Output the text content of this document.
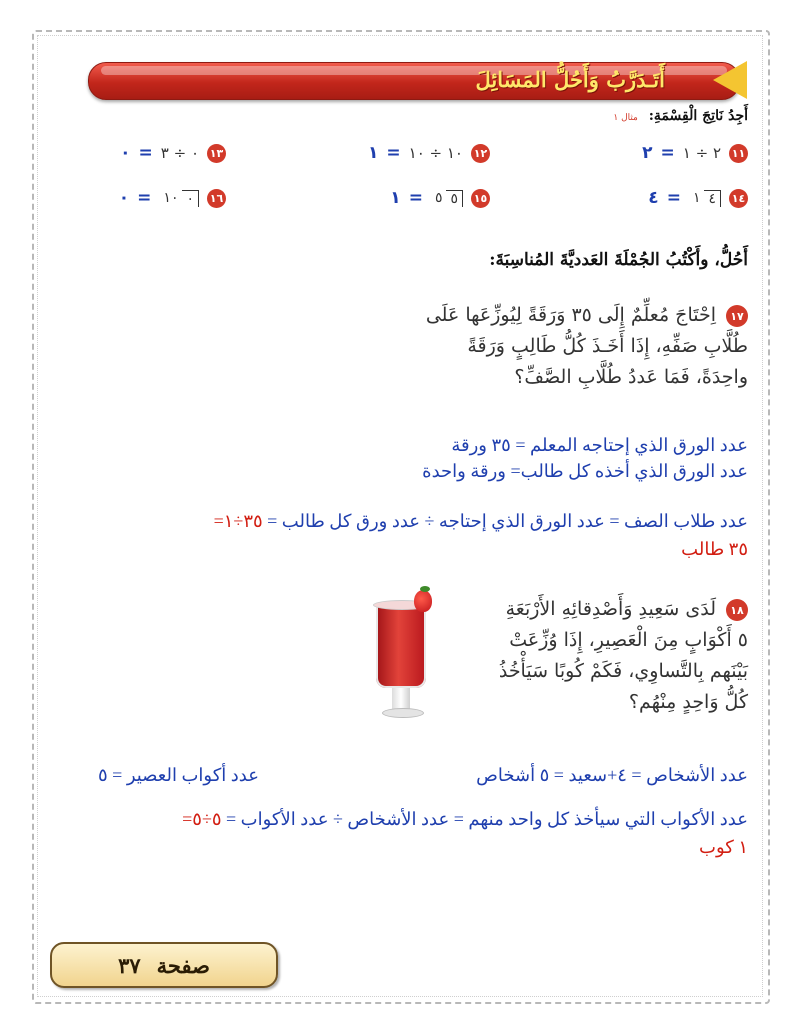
أَتَـدَرَّبُ وَأَحُلُّ المَسَائِلَ
أَجِدُ نَاتِجَ الْقِسْمَةِ: مثال ١
١١
٢ ÷ ١
=
٢
١٢
١٠ ÷ ١٠
=
١
١٣
٠ ÷ ٣
=
٠
١٤
٤
١
=
٤
١٥
٥
٥
=
١
١٦
٠
١٠
=
٠
أَحُلُّ، وأَكْتُبُ الجُمْلَةَ العَدديَّةَ المُناسِبَةَ:
١٧اِحْتَاجَ مُعلِّمٌ إِلَى ٣٥ وَرَقَةً لِيُوزِّعَها عَلَى
طُلَّابِ صَفِّهِ، إِذَا أَخَـذَ كُلُّ طَالِبٍ وَرَقَةً
واحِدَةً، فَمَا عَددُ طُلَّابِ الصَّفِّ؟
عدد الورق الذي إحتاجه المعلم = ٣٥ ورقة
عدد الورق الذي أخذه كل طالب= ورقة واحدة
عدد طلاب الصف = عدد الورق الذي إحتاجه ÷ عدد ورق كل طالب = ٣٥÷١=
٣٥ طالب
١٨لَدَى سَعِيدِ وَأَصْدِقائِهِ الأَرْبَعَةِ
٥ أَكْوَابٍ مِنَ الْعَصِيرِ، إِذَا وُزِّعَتْ
بَيْنَهم بِالتَّساوِي، فَكَمْ كُوبًا سَيَأْخُذُ
كُلُّ وَاحِدٍ مِنْهُم؟
عدد الأشخاص = ٤+سعيد = ٥ أشخاص
عدد أكواب العصير = ٥
عدد الأكواب التي سيأخذ كل واحد منهم = عدد الأشخاص ÷ عدد الأكواب = ٥÷٥=
١ كوب
صفحة
٣٧
